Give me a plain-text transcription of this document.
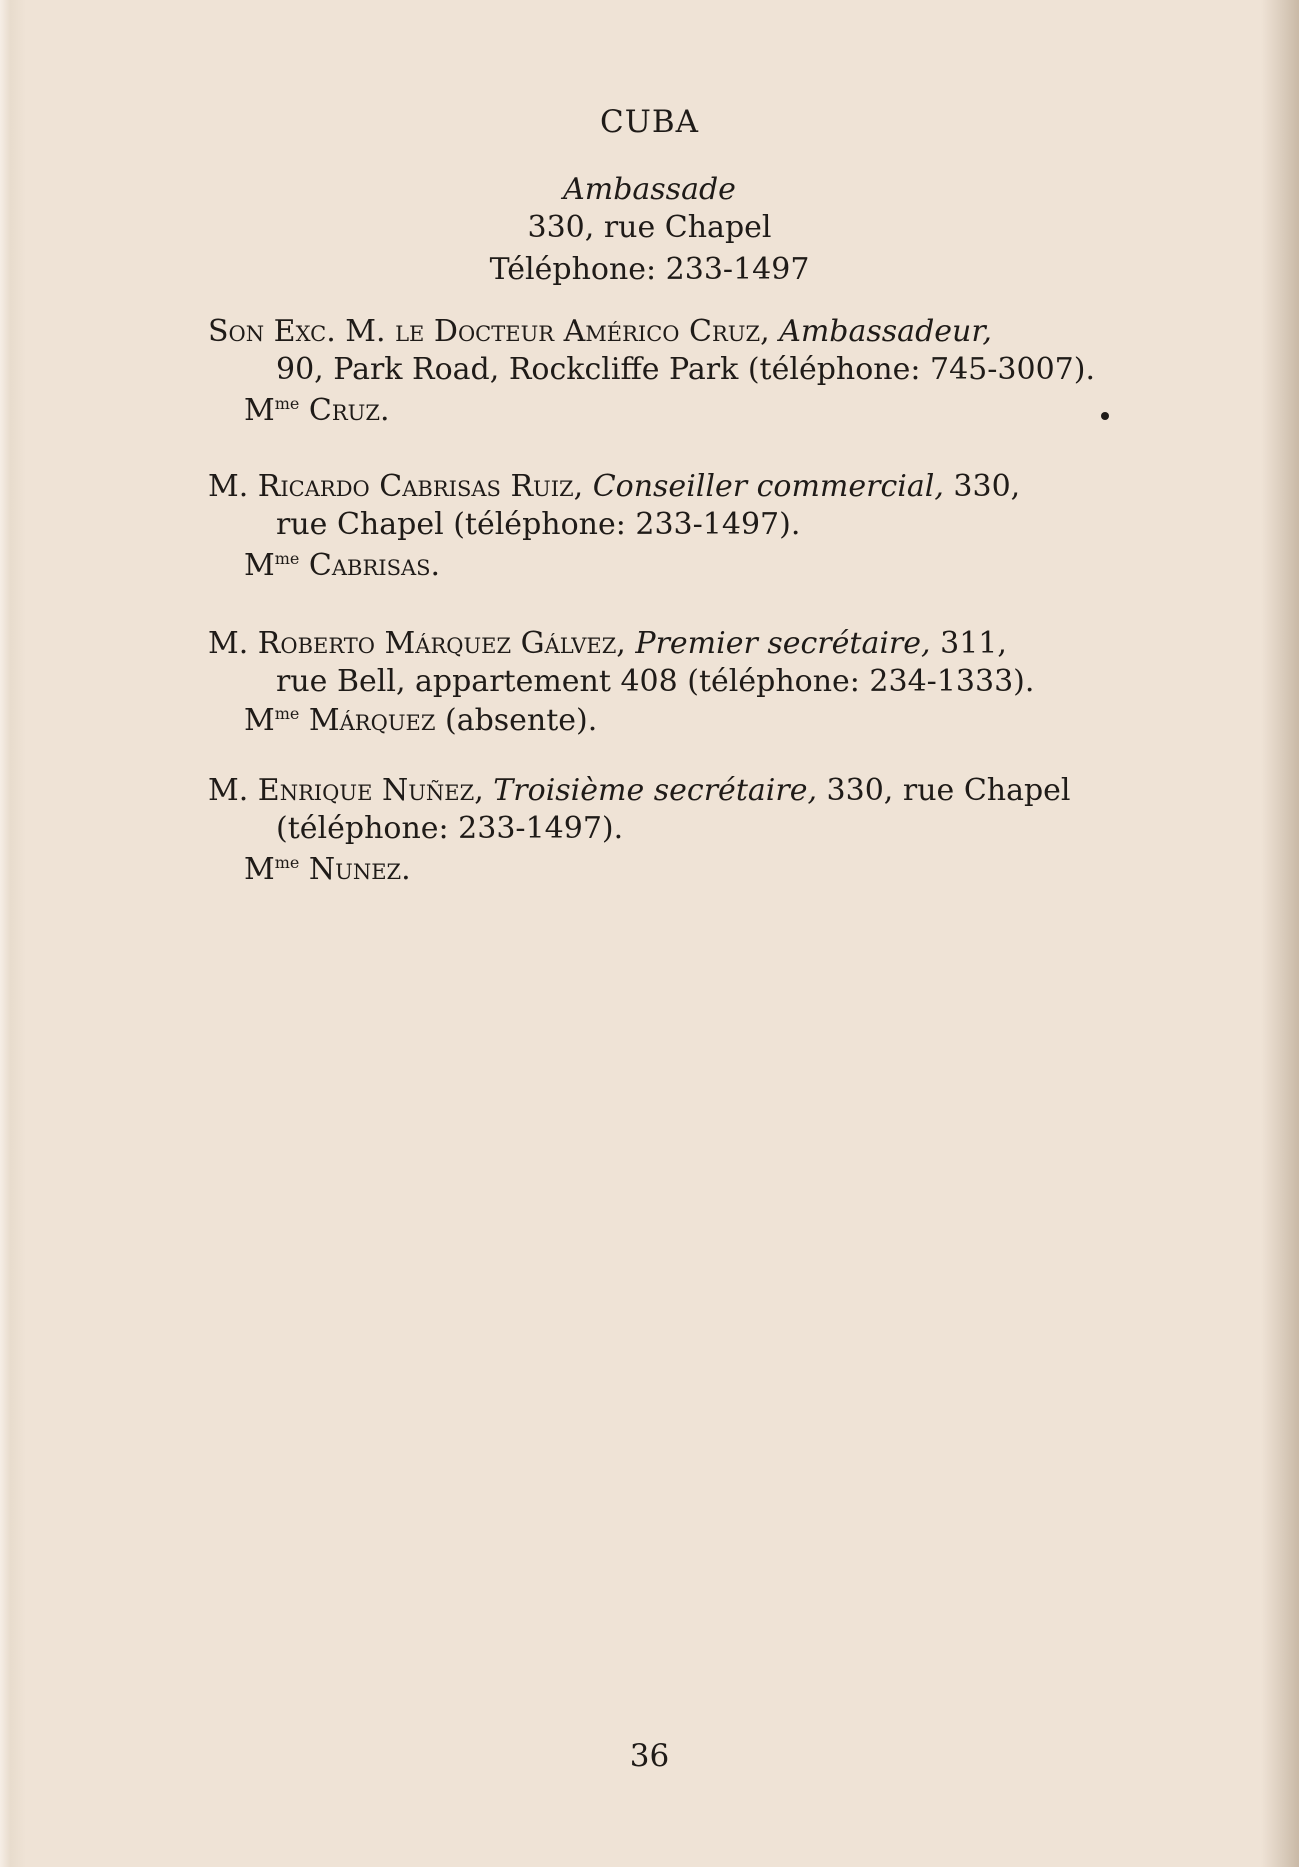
CUBA
Ambassade
330, rue Chapel
Téléphone: 233-1497
Son Exc. M. le Docteur Américo Cruz, Ambassadeur,
90, Park Road, Rockcliffe Park (téléphone: 745-3007).
$M^{me}$ Cruz.
M. Ricardo Cabrisas Ruiz, Conseiller commercial, 330,
rue Chapel (téléphone: 233-1497).
$M^{me}$ Cabrisas.
M. Roberto Márquez Gálvez, Premier secrétaire, 311,
rue Bell, appartement 408 (téléphone: 234-1333).
$M^{me}$ Márquez (absente).
M. Enrique Nuñez, Troisième secrétaire, 330, rue Chapel
(téléphone: 233-1497).
$M^{me}$ Nunez.
36
